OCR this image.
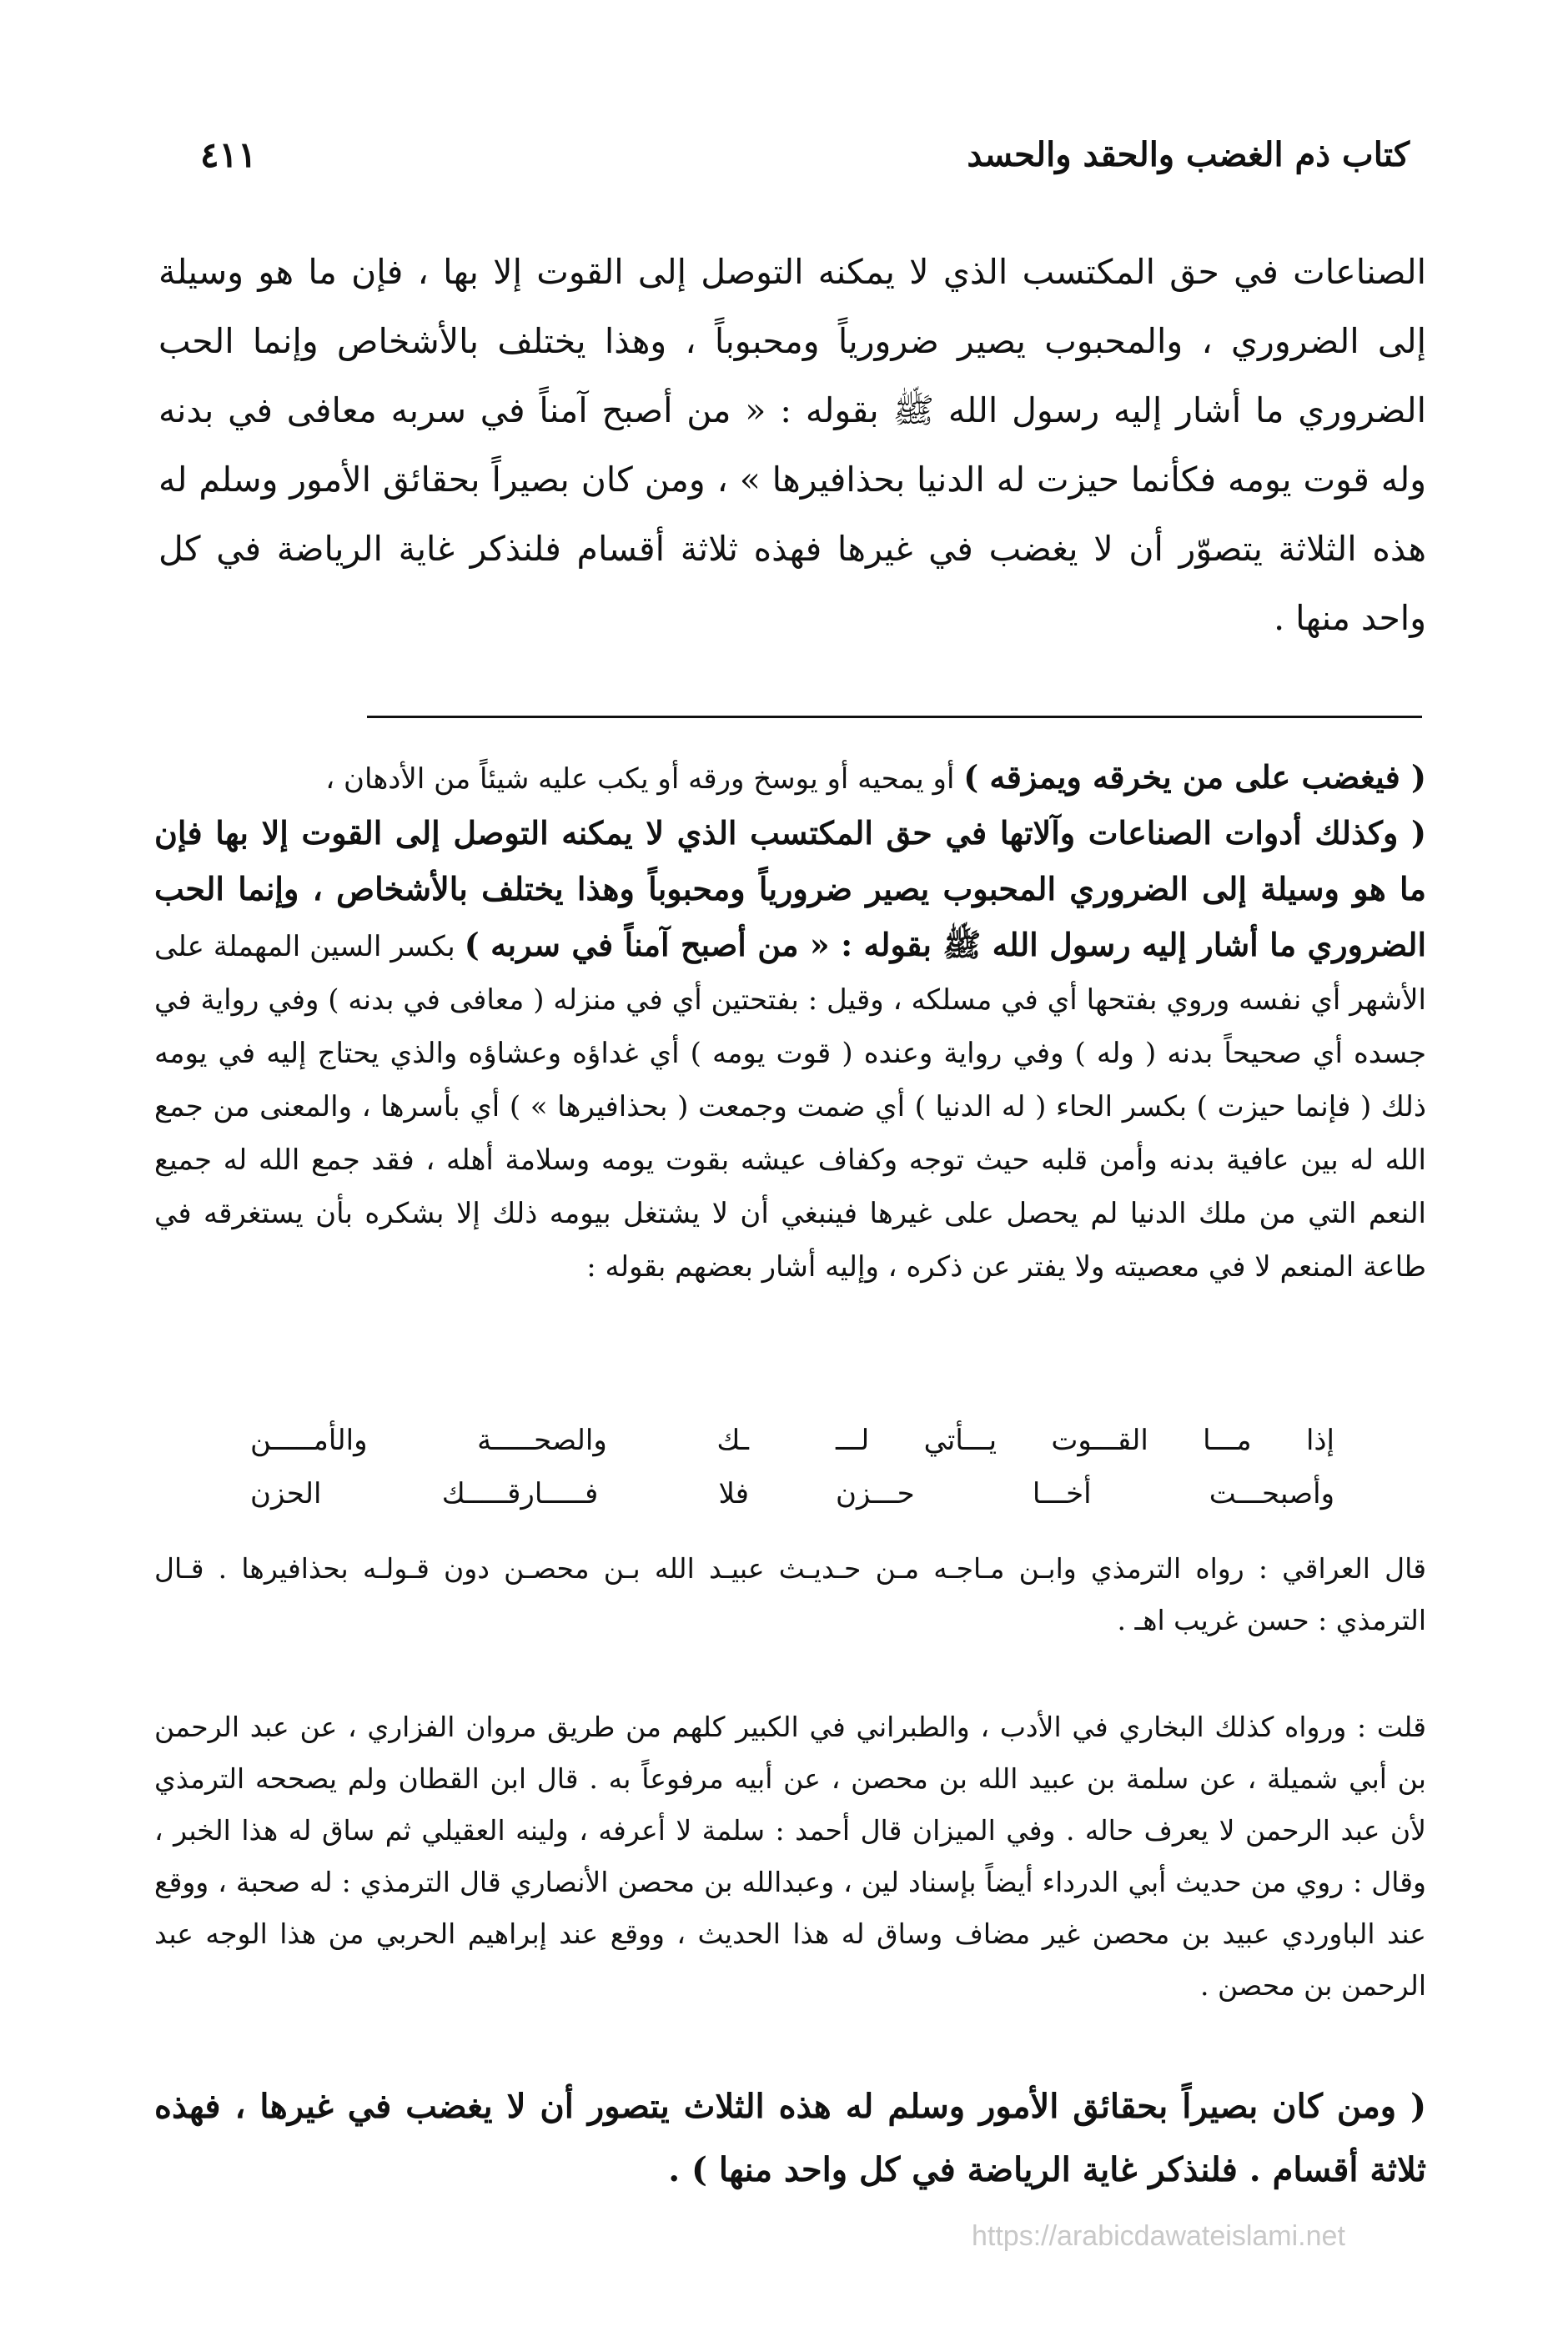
كتاب ذم الغضب والحقد والحسد
٤١١

الصناعات في حق المكتسب الذي لا يمكنه التوصل إلى القوت إلا بها ، فإن ما هو وسيلة إلى الضروري ، والمحبوب يصير ضرورياً ومحبوباً ، وهذا يختلف بالأشخاص وإنما الحب الضروري ما أشار إليه رسول الله ﷺ بقوله : « من أصبح آمناً في سربه معافى في بدنه وله قوت يومه فكأنما حيزت له الدنيا بحذافيرها » ، ومن كان بصيراً بحقائق الأمور وسلم له هذه الثلاثة يتصوّر أن لا يغضب في غيرها فهذه ثلاثة أقسام فلنذكر غاية الرياضة في كل واحد منها .

( فيغضب على من يخرقه ويمزقه ) أو يمحيه أو يوسخ ورقه أو يكب عليه شيئاً من الأدهان ،

( وكذلك أدوات الصناعات وآلاتها في حق المكتسب الذي لا يمكنه التوصل إلى القوت إلا بها فإن ما هو وسيلة إلى الضروري المحبوب يصير ضرورياً ومحبوباً وهذا يختلف بالأشخاص ، وإنما الحب الضروري ما أشار إليه رسول الله ﷺ بقوله : « من أصبح آمناً في سربه ) بكسر السين المهملة على الأشهر أي نفسه وروي بفتحها أي في مسلكه ، وقيل : بفتحتين أي في منزله ( معافى في بدنه ) وفي رواية في جسده أي صحيحاً بدنه ( وله ) وفي رواية وعنده ( قوت يومه ) أي غداؤه وعشاؤه والذي يحتاج إليه في يومه ذلك ( فإنما حيزت ) بكسر الحاء ( له الدنيا ) أي ضمت وجمعت ( بحذافيرها » ) أي بأسرها ، والمعنى من جمع الله له بين عافية بدنه وأمن قلبه حيث توجه وكفاف عيشه بقوت يومه وسلامة أهله ، فقد جمع الله له جميع النعم التي من ملك الدنيا لم يحصل على غيرها فينبغي أن لا يشتغل بيومه ذلك إلا بشكره بأن يستغرقه في طاعة المنعم لا في معصيته ولا يفتر عن ذكره ، وإليه أشار بعضهم بقوله :

إذا مـــا القـــوت يـــأتي لـــ
ـك والصحـــــة والأمـــــن
وأصبحـــت أخـــا حـــزن
فلا فـــــارقـــــك الحزن

قال العراقي : رواه الترمذي وابـن مـاجـه مـن حـديـث عبيـد الله بـن محصـن دون قـولـه بحذافيرها . قـال الترمذي : حسن غريب اهـ .

قلت : ورواه كذلك البخاري في الأدب ، والطبراني في الكبير كلهم من طريق مروان الفزاري ، عن عبد الرحمن بن أبي شميلة ، عن سلمة بن عبيد الله بن محصن ، عن أبيه مرفوعاً به . قال ابن القطان ولم يصححه الترمذي لأن عبد الرحمن لا يعرف حاله . وفي الميزان قال أحمد : سلمة لا أعرفه ، ولينه العقيلي ثم ساق له هذا الخبر ، وقال : روي من حديث أبي الدرداء أيضاً بإسناد لين ، وعبدالله بن محصن الأنصاري قال الترمذي : له صحبة ، ووقع عند الباوردي عبيد بن محصن غير مضاف وساق له هذا الحديث ، ووقع عند إبراهيم الحربي من هذا الوجه عبد الرحمن بن محصن .

( ومن كان بصيراً بحقائق الأمور وسلم له هذه الثلاث يتصور أن لا يغضب في غيرها ، فهذه ثلاثة أقسام . فلنذكر غاية الرياضة في كل واحد منها ) .

https://arabicdawateislami.net
